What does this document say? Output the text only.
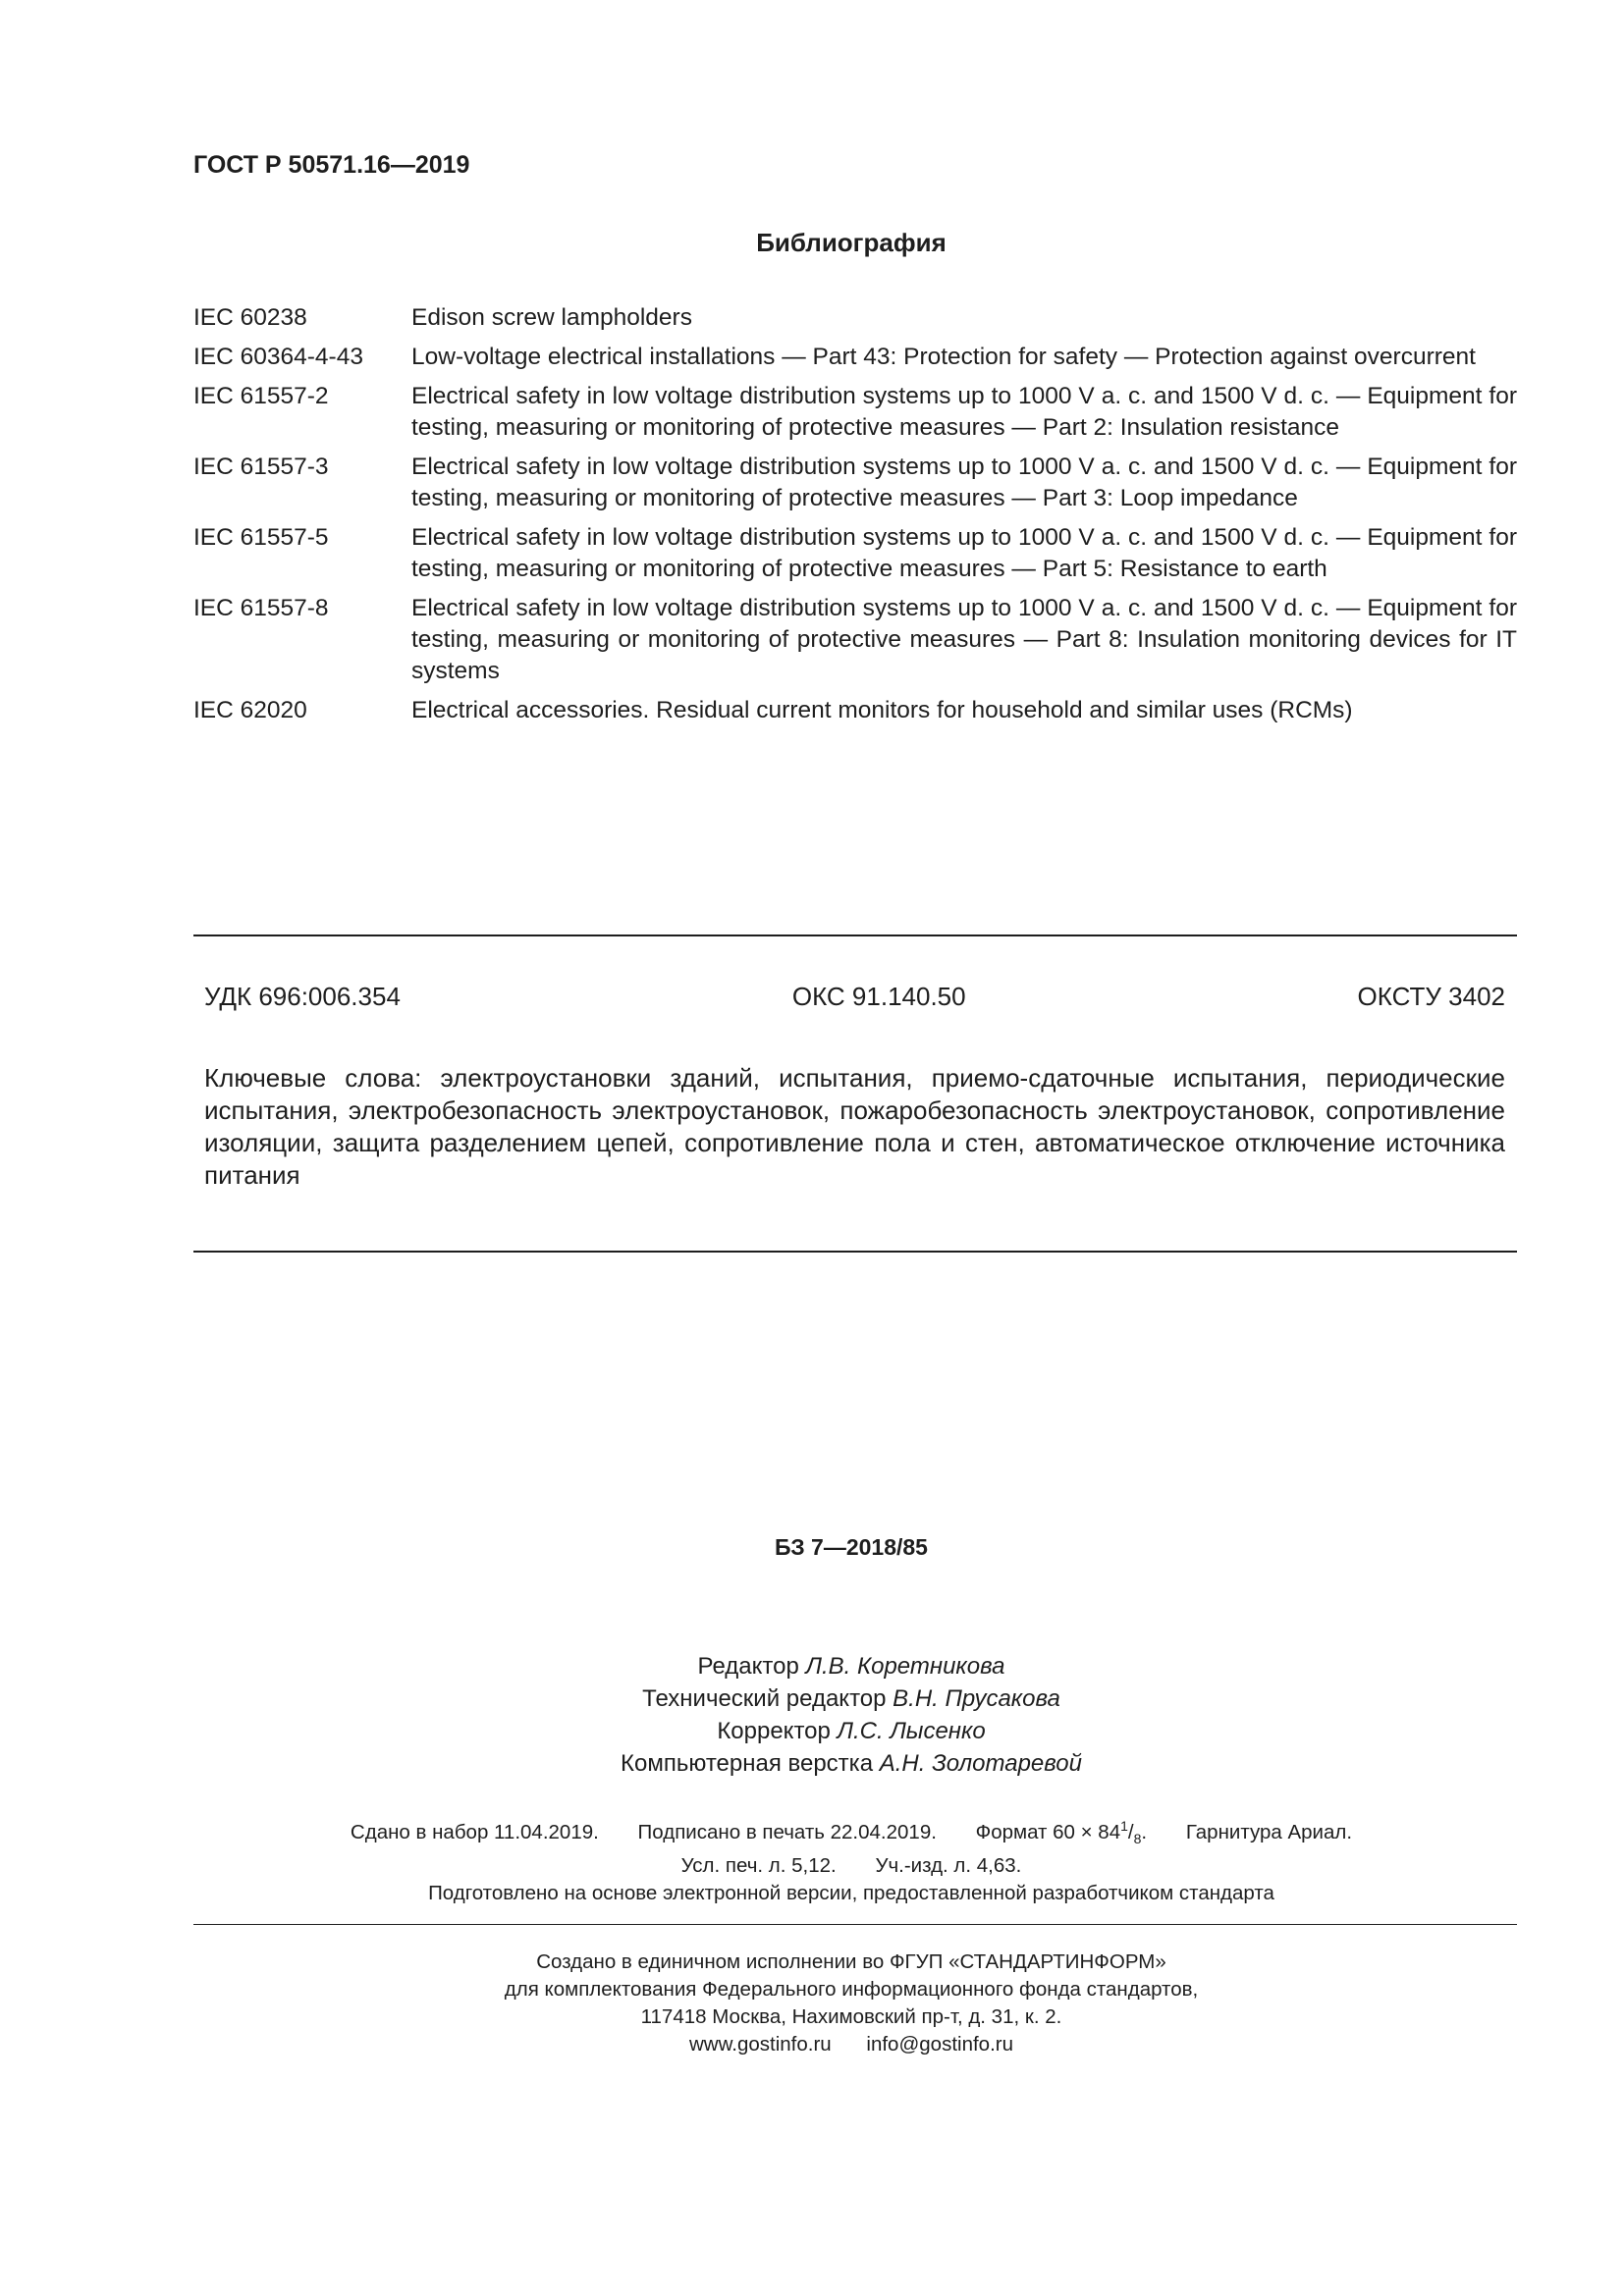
ГОСТ Р 50571.16—2019
Библиография
IEC 60238	Edison screw lampholders
IEC 60364-4-43	Low-voltage electrical installations — Part 43: Protection for safety — Protection against overcurrent
IEC 61557-2	Electrical safety in low voltage distribution systems up to 1000 V a. c. and 1500 V d. c. — Equipment for testing, measuring or monitoring of protective measures — Part 2: Insulation resistance
IEC 61557-3	Electrical safety in low voltage distribution systems up to 1000 V a. c. and 1500 V d. c. — Equipment for testing, measuring or monitoring of protective measures — Part 3: Loop impedance
IEC 61557-5	Electrical safety in low voltage distribution systems up to 1000 V a. c. and 1500 V d. c. — Equipment for testing, measuring or monitoring of protective measures — Part 5: Resistance to earth
IEC 61557-8	Electrical safety in low voltage distribution systems up to 1000 V a. c. and 1500 V d. c. — Equipment for testing, measuring or monitoring of protective measures — Part 8: Insulation monitoring devices for IT systems
IEC 62020	Electrical accessories. Residual current monitors for household and similar uses (RCMs)
УДК 696:006.354	ОКС 91.140.50	ОКСТУ 3402
Ключевые слова: электроустановки зданий, испытания, приемо-сдаточные испытания, периодические испытания, электробезопасность электроустановок, пожаробезопасность электроустановок, сопротивление изоляции, защита разделением цепей, сопротивление пола и стен, автоматическое отключение источника питания
БЗ 7—2018/85
Редактор Л.В. Коретникова
Технический редактор В.Н. Прусакова
Корректор Л.С. Лысенко
Компьютерная верстка А.Н. Золотаревой
Сдано в набор 11.04.2019. Подписано в печать 22.04.2019. Формат $60 \times 84^1/_8$. Гарнитура Ариал.
Усл. печ. л. 5,12. Уч.-изд. л. 4,63.
Подготовлено на основе электронной версии, предоставленной разработчиком стандарта
Создано в единичном исполнении во ФГУП «СТАНДАРТИНФОРМ»
для комплектования Федерального информационного фонда стандартов,
117418 Москва, Нахимовский пр-т, д. 31, к. 2.
www.gostinfo.ru info@gostinfo.ru
